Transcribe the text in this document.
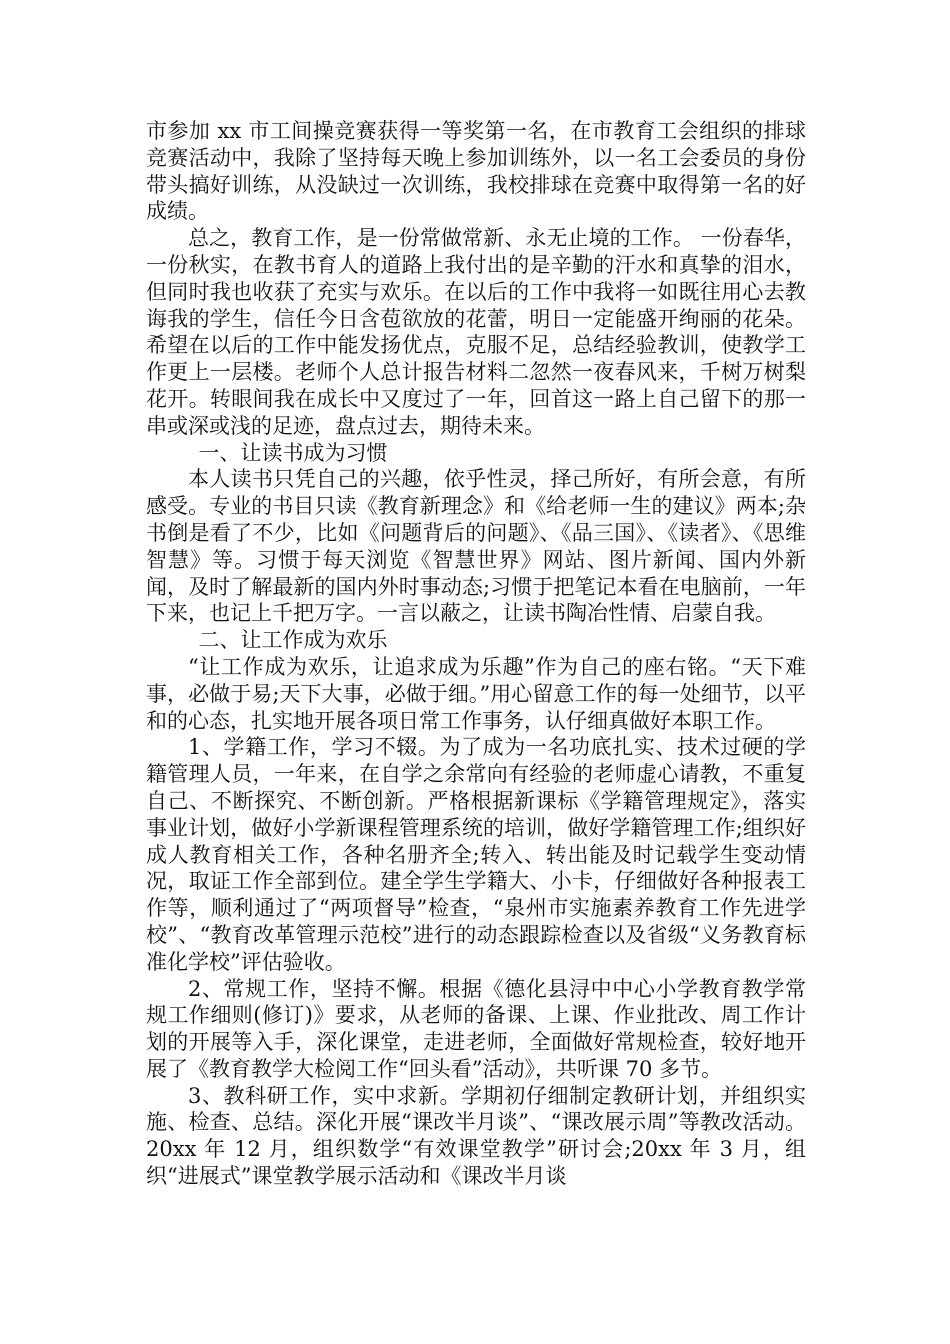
市参加 xx 市工间操竞赛获得一等奖第一名，在市教育工会组织的排球竞赛活动中，我除了坚持每天晚上参加训练外，以一名工会委员的身份带头搞好训练，从没缺过一次训练，我校排球在竞赛中取得第一名的好成绩。

总之，教育工作，是一份常做常新、永无止境的工作。 一份春华，一份秋实，在教书育人的道路上我付出的是辛勤的汗水和真挚的泪水，但同时我也收获了充实与欢乐。在以后的工作中我将一如既往用心去教诲我的学生，信任今日含苞欲放的花蕾，明日一定能盛开绚丽的花朵。希望在以后的工作中能发扬优点，克服不足，总结经验教训，使教学工作更上一层楼。老师个人总计报告材料二忽然一夜春风来，千树万树梨花开。转眼间我在成长中又度过了一年，回首这一路上自己留下的那一串或深或浅的足迹，盘点过去，期待未来。

一、让读书成为习惯

本人读书只凭自己的兴趣，依乎性灵，择己所好，有所会意，有所感受。专业的书目只读《教育新理念》和《给老师一生的建议》两本;杂书倒是看了不少，比如《问题背后的问题》、《品三国》、《读者》、《思维智慧》等。习惯于每天浏览《智慧世界》网站、图片新闻、国内外新闻，及时了解最新的国内外时事动态;习惯于把笔记本看在电脑前，一年下来，也记上千把万字。一言以蔽之，让读书陶冶性情、启蒙自我。

二、让工作成为欢乐

“让工作成为欢乐，让追求成为乐趣”作为自己的座右铭。“天下难事，必做于易;天下大事，必做于细。”用心留意工作的每一处细节，以平和的心态，扎实地开展各项日常工作事务，认仔细真做好本职工作。

1、学籍工作，学习不辍。为了成为一名功底扎实、技术过硬的学籍管理人员，一年来，在自学之余常向有经验的老师虚心请教，不重复自己、不断探究、不断创新。严格根据新课标《学籍管理规定》，落实事业计划，做好小学新课程管理系统的培训，做好学籍管理工作;组织好成人教育相关工作，各种名册齐全;转入、转出能及时记载学生变动情况，取证工作全部到位。建全学生学籍大、小卡，仔细做好各种报表工作等，顺利通过了“两项督导”检查，“泉州市实施素养教育工作先进学校”、“教育改革管理示范校”进行的动态跟踪检查以及省级“义务教育标准化学校”评估验收。

2、常规工作，坚持不懈。根据《德化县浔中中心小学教育教学常规工作细则(修订)》要求，从老师的备课、上课、作业批改、周工作计划的开展等入手，深化课堂，走进老师，全面做好常规检查，较好地开展了《教育教学大检阅工作“回头看”活动》，共听课 70 多节。

3、教科研工作，实中求新。学期初仔细制定教研计划，并组织实施、检查、总结。深化开展“课改半月谈”、“课改展示周”等教改活动。20xx 年 12 月，组织数学“有效课堂教学”研讨会;20xx 年 3 月，组织“进展式”课堂教学展示活动和《课改半月谈
